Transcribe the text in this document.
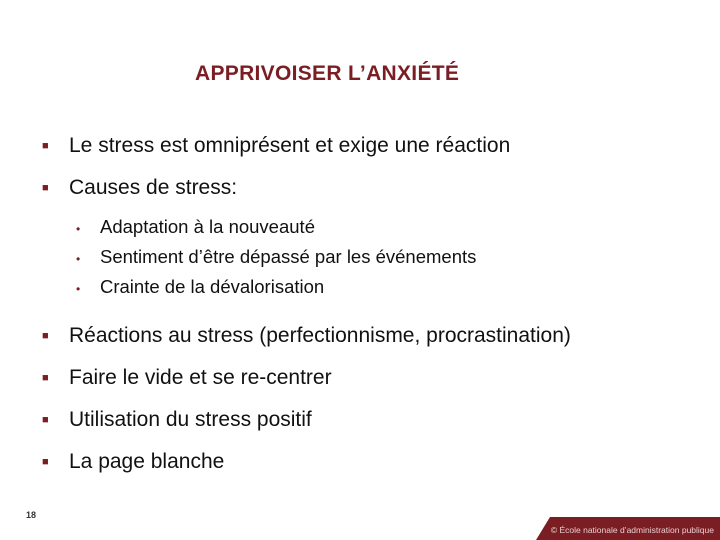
APPRIVOISER L’ANXIÉTÉ
■ Le stress est omniprésent et exige une réaction
■ Causes de stress:
•	Adaptation à la nouveauté
•	Sentiment d’être dépassé par les événements
•	Crainte de la dévalorisation
■ Réactions au stress (perfectionnisme, procrastination)
■ Faire le vide et se re-centrer
■ Utilisation du stress positif
■ La page blanche
18
© École nationale d’administration publique
